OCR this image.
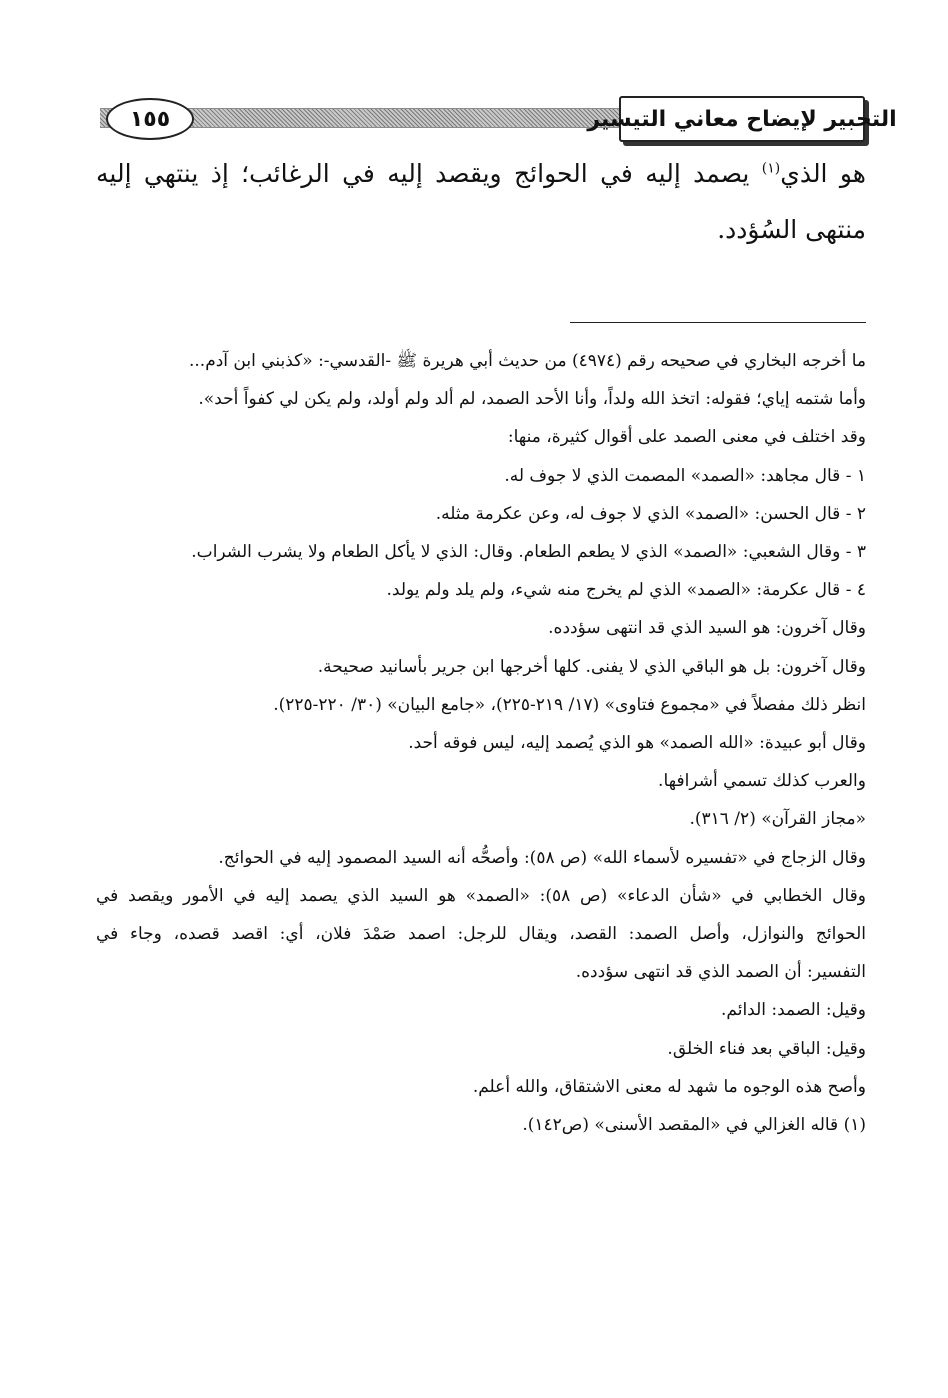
١٥٥	التحبير لإيضاح معاني التيسير

هو الذي$^{(١)}$ يصمد إليه في الحوائج ويقصد إليه في الرغائب؛ إذ ينتهي إليه منتهى السُؤدد.

ما أخرجه البخاري في صحيحه رقم (٤٩٧٤) من حديث أبي هريرة ﷺ -القدسي-: «كذبني ابن آدم...
وأما شتمه إياي؛ فقوله: اتخذ الله ولداً، وأنا الأحد الصمد، لم ألد ولم أولد، ولم يكن لي كفواً أحد».
وقد اختلف في معنى الصمد على أقوال كثيرة، منها:
١ - قال مجاهد: «الصمد» المصمت الذي لا جوف له.
٢ - قال الحسن: «الصمد» الذي لا جوف له، وعن عكرمة مثله.
٣ - وقال الشعبي: «الصمد» الذي لا يطعم الطعام. وقال: الذي لا يأكل الطعام ولا يشرب الشراب.
٤ - قال عكرمة: «الصمد» الذي لم يخرج منه شيء، ولم يلد ولم يولد.
وقال آخرون: هو السيد الذي قد انتهى سؤدده.
وقال آخرون: بل هو الباقي الذي لا يفنى. كلها أخرجها ابن جرير بأسانيد صحيحة.
انظر ذلك مفصلاً في «مجموع فتاوى» (١٧/ ٢١٩-٢٢٥)، «جامع البيان» (٣٠/ ٢٢٠-٢٢٥).
وقال أبو عبيدة: «الله الصمد» هو الذي يُصمد إليه، ليس فوقه أحد.
والعرب كذلك تسمي أشرافها.
«مجاز القرآن» (٢/ ٣١٦).
وقال الزجاج في «تفسيره لأسماء الله» (ص ٥٨): وأصحُّه أنه السيد المصمود إليه في الحوائج.
وقال الخطابي في «شأن الدعاء» (ص ٥٨): «الصمد» هو السيد الذي يصمد إليه في الأمور ويقصد في
الحوائج والنوازل، وأصل الصمد: القصد، ويقال للرجل: اصمد صَمْدَ فلان، أي: اقصد قصده، وجاء في
التفسير: أن الصمد الذي قد انتهى سؤدده.
وقيل: الصمد: الدائم.
وقيل: الباقي بعد فناء الخلق.
وأصح هذه الوجوه ما شهد له معنى الاشتقاق، والله أعلم.
(١) قاله الغزالي في «المقصد الأسنى» (ص١٤٢).
